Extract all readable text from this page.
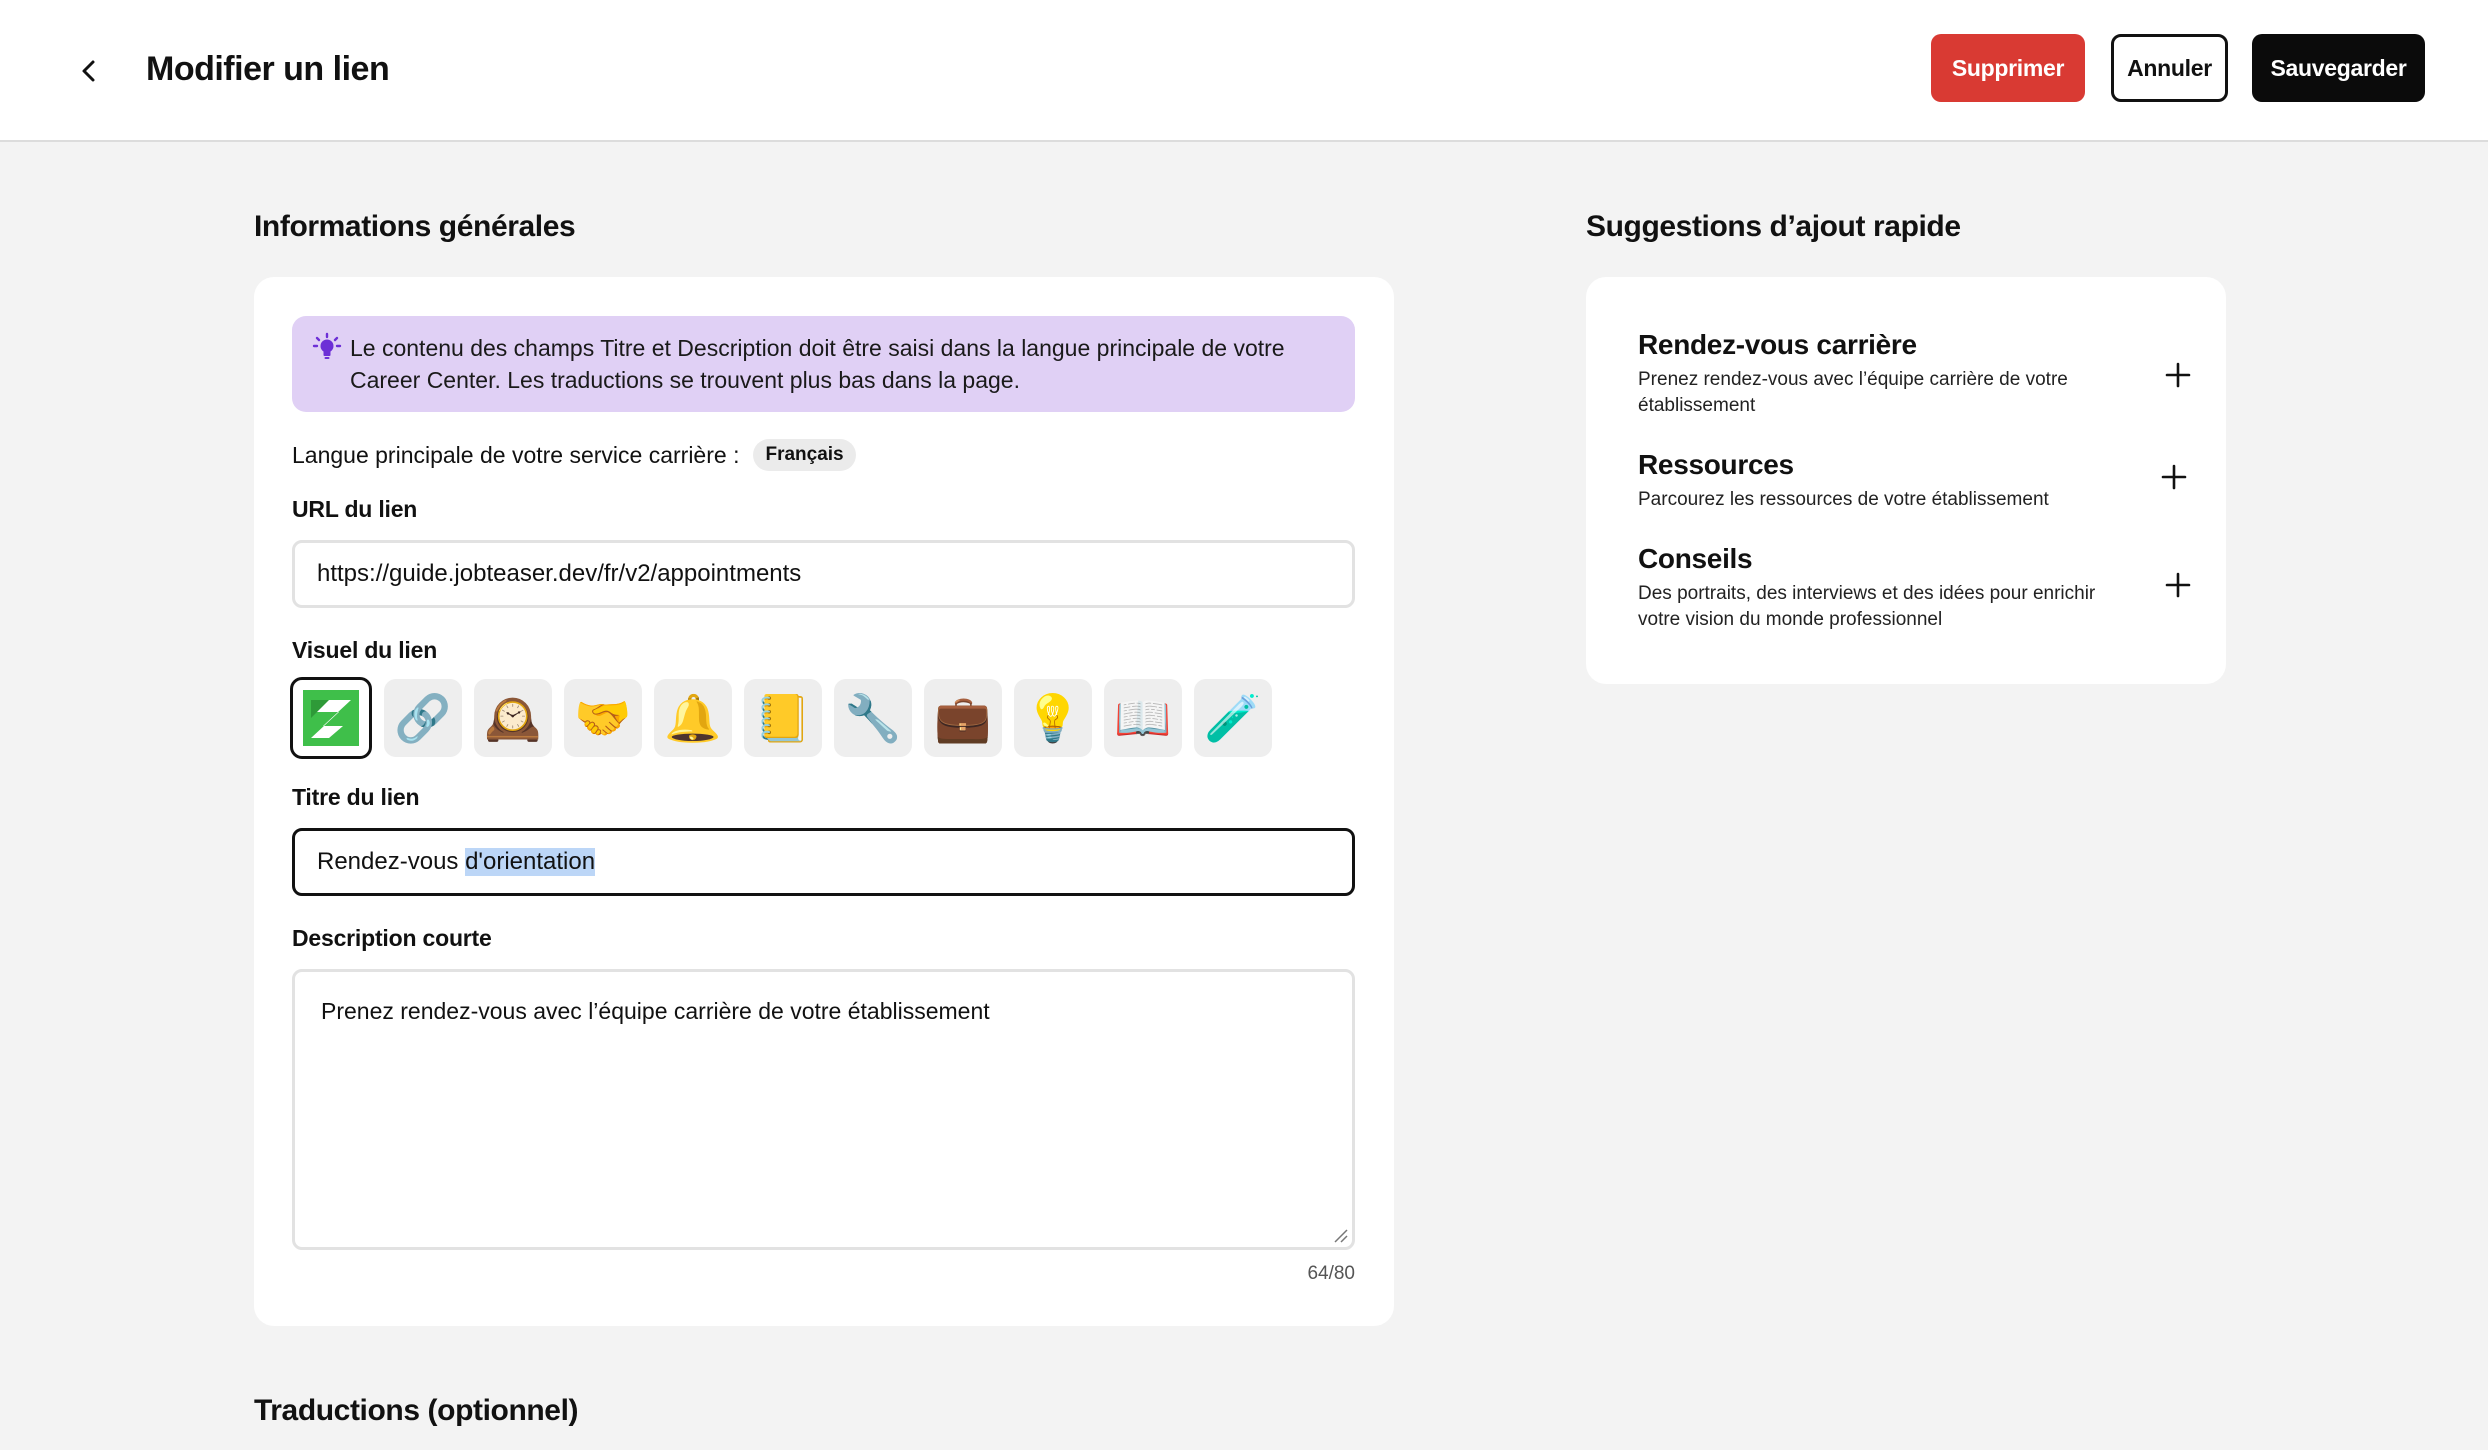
Modifier un lien	Supprimer	Annuler	Sauvegarder
Informations générales
Le contenu des champs Titre et Description doit être saisi dans la langue principale de votre Career Center. Les traductions se trouvent plus bas dans la page.
Langue principale de votre service carrière :	Français
URL du lien
https://guide.jobteaser.dev/fr/v2/appointments
Visuel du lien
🔗 🕰️ 🤝 🔔 📒 🔧 💼 💡 📖 🧪
Titre du lien
Rendez-vous d'orientation
Description courte
Prenez rendez-vous avec l’équipe carrière de votre établissement
64/80
Suggestions d’ajout rapide
Rendez-vous carrière
Prenez rendez-vous avec l’équipe carrière de votre établissement
Ressources
Parcourez les ressources de votre établissement
Conseils
Des portraits, des interviews et des idées pour enrichir votre vision du monde professionnel
Traductions (optionnel)
